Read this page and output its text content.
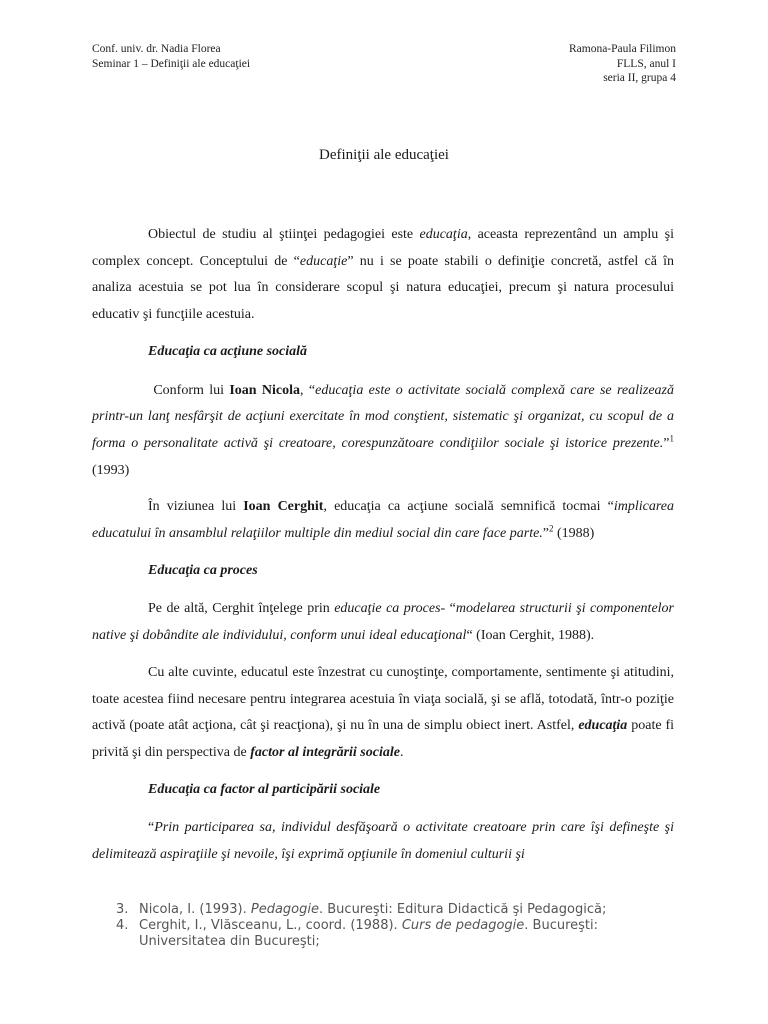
Conf. univ. dr. Nadia Florea
Seminar 1 – Definiţii ale educaţiei
Ramona-Paula Filimon
FLLS, anul I
seria II, grupa 4
Definiţii ale educaţiei

Obiectul de studiu al ştiinţei pedagogiei este educaţia, aceasta reprezentând un amplu şi complex concept. Conceptului de “educaţie” nu i se poate stabili o definiţie concretă, astfel că în analiza acestuia se pot lua în considerare scopul şi natura educaţiei, precum şi natura procesului educativ şi funcţiile acestuia.

Educaţia ca acţiune socială

Conform lui Ioan Nicola, “educaţia este o activitate socială complexă care se realizează printr-un lanţ nesfârşit de acţiuni exercitate în mod conştient, sistematic şi organizat, cu scopul de a forma o personalitate activă şi creatoare, corespunzătoare condiţiilor sociale şi istorice prezente.”$^1$ (1993)

În viziunea lui Ioan Cerghit, educaţia ca acţiune socială semnifică tocmai “implicarea educatului în ansamblul relaţiilor multiple din mediul social din care face parte.”$^2$ (1988)

Educaţia ca proces

Pe de altă, Cerghit înţelege prin educaţie ca proces- “modelarea structurii şi componentelor native şi dobândite ale individului, conform unui ideal educaţional“ (Ioan Cerghit, 1988).

Cu alte cuvinte, educatul este înzestrat cu cunoştinţe, comportamente, sentimente şi atitudini, toate acestea fiind necesare pentru integrarea acestuia în viaţa socială, şi se află, totodată, într-o poziţie activă (poate atât acţiona, cât şi reacţiona), şi nu în una de simplu obiect inert. Astfel, educaţia poate fi privită şi din perspectiva de factor al integrării sociale.

Educaţia ca factor al participării sociale

“Prin participarea sa, individul desfăşoară o activitate creatoare prin care îşi defineşte şi delimitează aspiraţiile şi nevoile, îşi exprimă opţiunile în domeniul culturii şi

3. Nicola, I. (1993). Pedagogie. Bucureşti: Editura Didactică şi Pedagogică;
4. Cerghit, I., Vlăsceanu, L., coord. (1988). Curs de pedagogie. Bucureşti: Universitatea din Bucureşti;
